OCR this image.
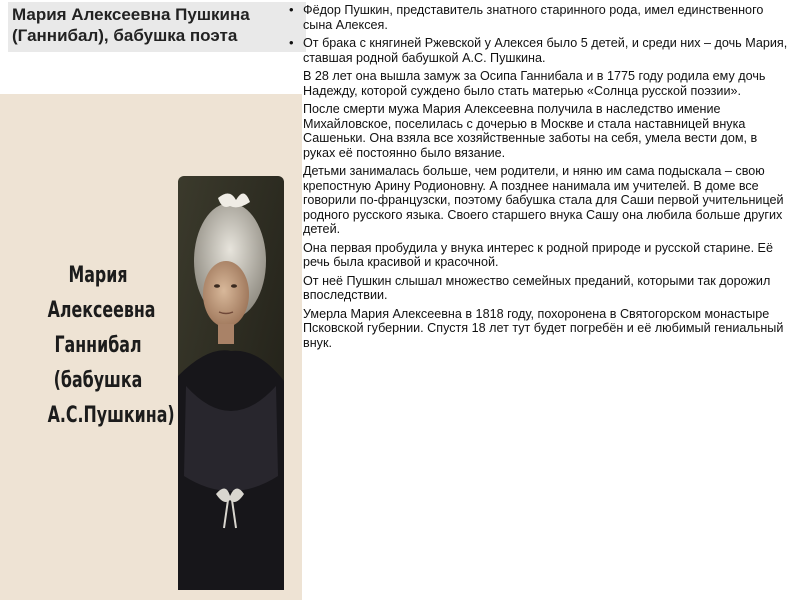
Мария Алексеевна Пушкина (Ганнибал), бабушка поэта
Мария
Алексеевна
Ганнибал
(бабушка
А.С.Пушкина)
• Фёдор Пушкин, представитель знатного старинного рода, имел единственного сына Алексея.
• От брака с княгиней Ржевской у Алексея было 5 детей, и среди них – дочь Мария, ставшая родной бабушкой А.С. Пушкина.
В 28 лет она вышла замуж за Осипа Ганнибала и в 1775 году родила ему дочь Надежду, которой суждено было стать матерью «Солнца русской поэзии».
После смерти мужа Мария Алексеевна получила в наследство имение Михайловское, поселилась с дочерью в Москве и стала наставницей внука Сашеньки. Она взяла все хозяйственные заботы на себя, умела вести дом, в руках её постоянно было вязание.
Детьми занималась больше, чем родители, и няню им сама подыскала – свою крепостную Арину Родионовну. А позднее нанимала им учителей. В доме все говорили по-французски, поэтому бабушка стала для Саши первой учительницей родного русского языка. Своего старшего внука Сашу она любила больше других детей.
Она первая пробудила у внука интерес к родной природе и русской старине. Её речь была красивой и красочной.
От неё Пушкин слышал множество семейных преданий, которыми так дорожил впоследствии.
Умерла Мария Алексеевна в 1818 году, похоронена в Святогорском монастыре Псковской губернии. Спустя 18 лет тут будет погребён и её любимый гениальный внук.
